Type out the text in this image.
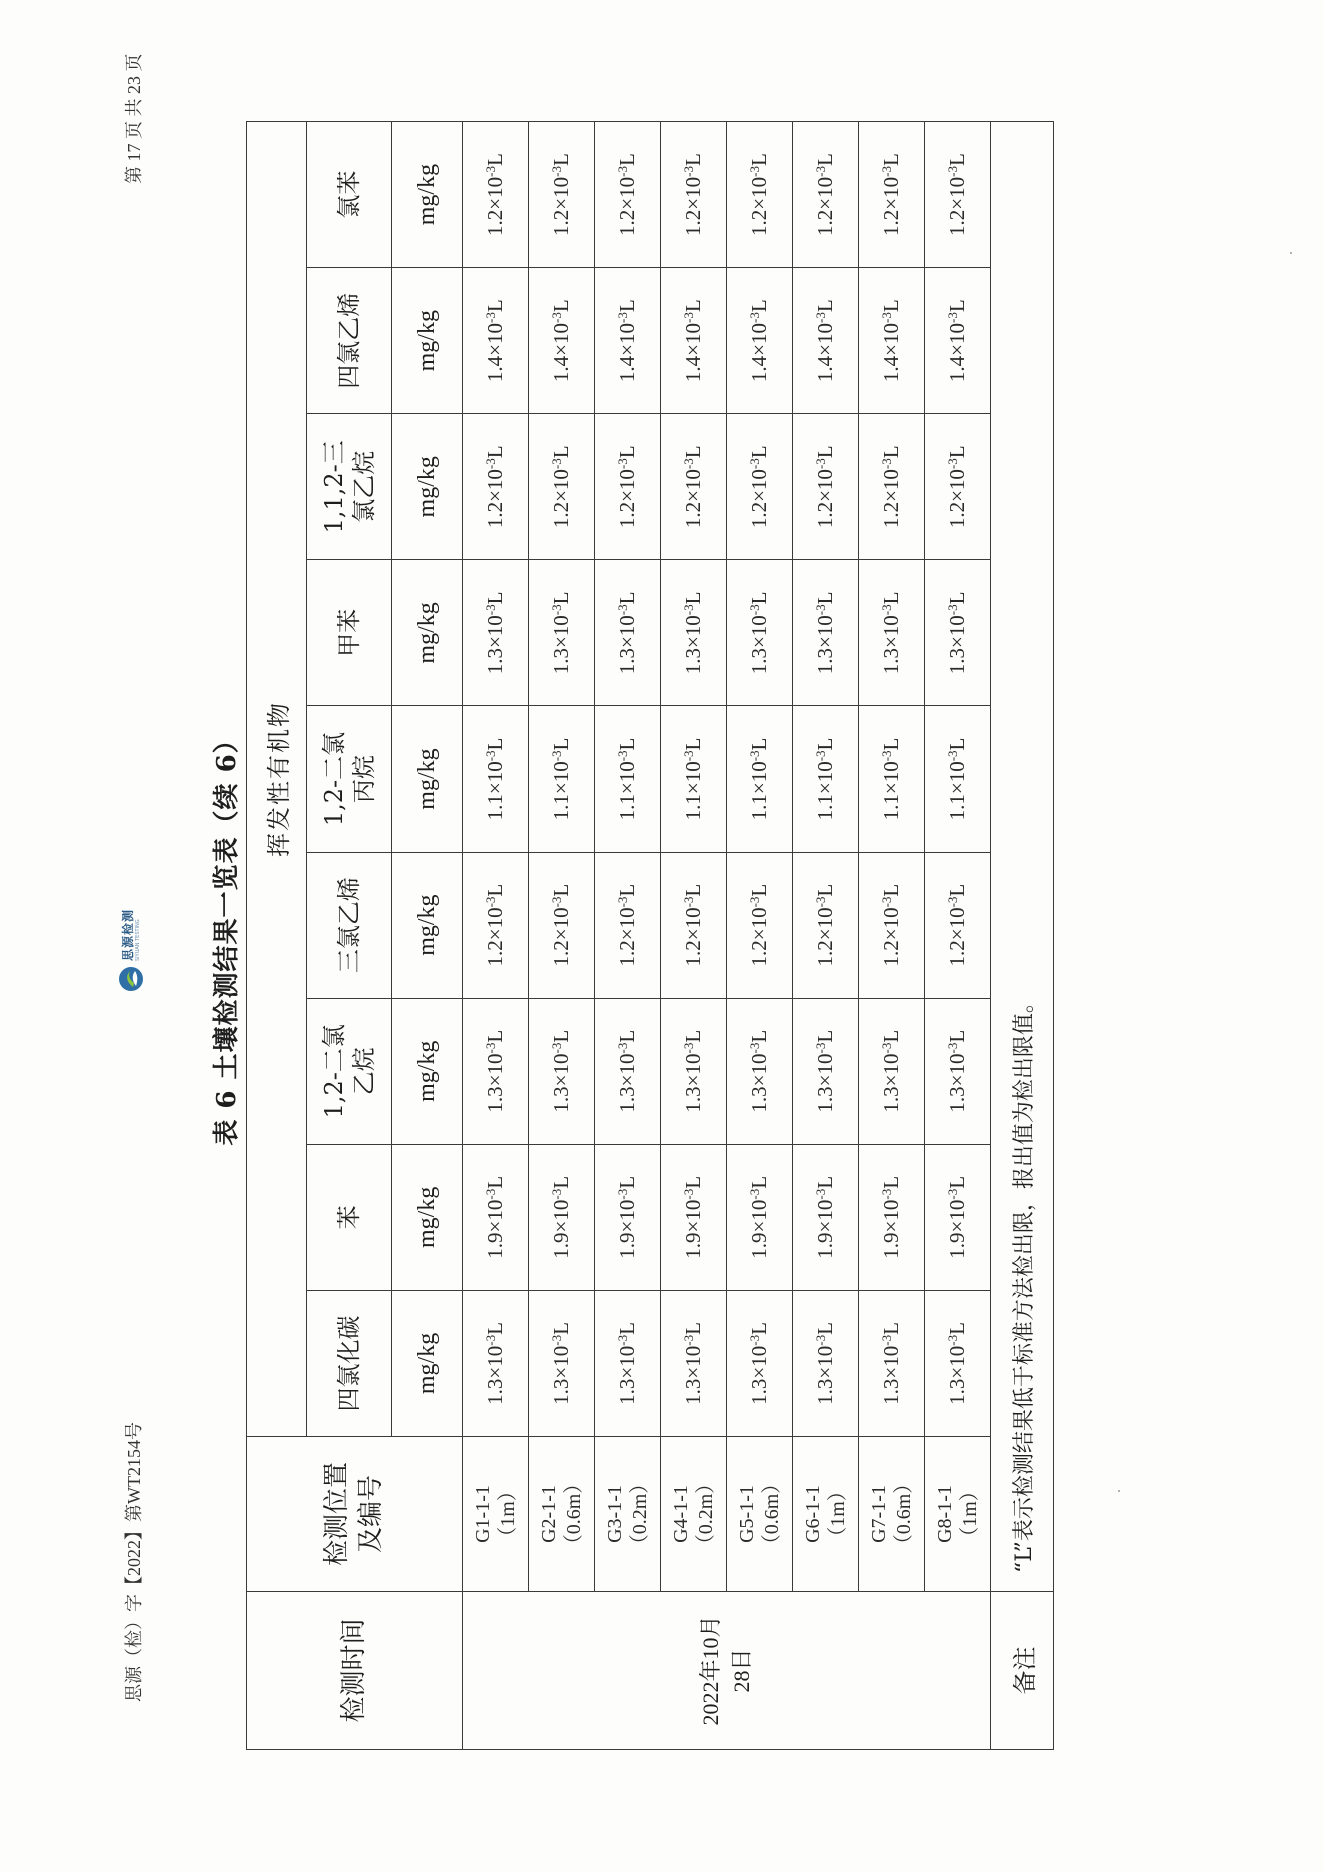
思源（检）字【2022】第WT2154号
思源检测 SIYUAN TESTING
第 17 页 共 23 页
表 6 土壤检测结果一览表（续 6）
检测时间	检测位置及编号	挥发性有机物								
		四氯化碳	苯	1,2-二氯乙烷	三氯乙烯	1,2-二氯丙烷	甲苯	1,1,2-三氯乙烷	四氯乙烯	氯苯
		mg/kg	mg/kg	mg/kg	mg/kg	mg/kg	mg/kg	mg/kg	mg/kg	mg/kg
2022年10月28日	G1-1-1 （1m）	$1.3\times 10^{-3}L$	$1.9\times 10^{-3}L$	$1.3\times 10^{-3}L$	$1.2\times 10^{-3}L$	$1.1\times 10^{-3}L$	$1.3\times 10^{-3}L$	$1.2\times 10^{-3}L$	$1.4\times 10^{-3}L$	$1.2\times 10^{-3}L$

	G2-1-1 （0.6m）	$1.3\times 10^{-3}L$	$1.9\times 10^{-3}L$	$1.3\times 10^{-3}L$	$1.2\times 10^{-3}L$	$1.1\times 10^{-3}L$	$1.3\times 10^{-3}L$	$1.2\times 10^{-3}L$	$1.4\times 10^{-3}L$	$1.2\times 10^{-3}L$

	G3-1-1 （0.2m）	$1.3\times 10^{-3}L$	$1.9\times 10^{-3}L$	$1.3\times 10^{-3}L$	$1.2\times 10^{-3}L$	$1.1\times 10^{-3}L$	$1.3\times 10^{-3}L$	$1.2\times 10^{-3}L$	$1.4\times 10^{-3}L$	$1.2\times 10^{-3}L$

	G4-1-1 （0.2m）	$1.3\times 10^{-3}L$	$1.9\times 10^{-3}L$	$1.3\times 10^{-3}L$	$1.2\times 10^{-3}L$	$1.1\times 10^{-3}L$	$1.3\times 10^{-3}L$	$1.2\times 10^{-3}L$	$1.4\times 10^{-3}L$	$1.2\times 10^{-3}L$

	G5-1-1 （0.6m）	$1.3\times 10^{-3}L$	$1.9\times 10^{-3}L$	$1.3\times 10^{-3}L$	$1.2\times 10^{-3}L$	$1.1\times 10^{-3}L$	$1.3\times 10^{-3}L$	$1.2\times 10^{-3}L$	$1.4\times 10^{-3}L$	$1.2\times 10^{-3}L$

	G6-1-1 （1m）	$1.3\times 10^{-3}L$	$1.9\times 10^{-3}L$	$1.3\times 10^{-3}L$	$1.2\times 10^{-3}L$	$1.1\times 10^{-3}L$	$1.3\times 10^{-3}L$	$1.2\times 10^{-3}L$	$1.4\times 10^{-3}L$	$1.2\times 10^{-3}L$

	G7-1-1 （0.6m）	$1.3\times 10^{-3}L$	$1.9\times 10^{-3}L$	$1.3\times 10^{-3}L$	$1.2\times 10^{-3}L$	$1.1\times 10^{-3}L$	$1.3\times 10^{-3}L$	$1.2\times 10^{-3}L$	$1.4\times 10^{-3}L$	$1.2\times 10^{-3}L$

	G8-1-1 （1m）	$1.3\times 10^{-3}L$	$1.9\times 10^{-3}L$	$1.3\times 10^{-3}L$	$1.2\times 10^{-3}L$	$1.1\times 10^{-3}L$	$1.3\times 10^{-3}L$	$1.2\times 10^{-3}L$	$1.4\times 10^{-3}L$	$1.2\times 10^{-3}L$
备注	“L”表示检测结果低于标准方法检出限，报出值为检出限值。									
